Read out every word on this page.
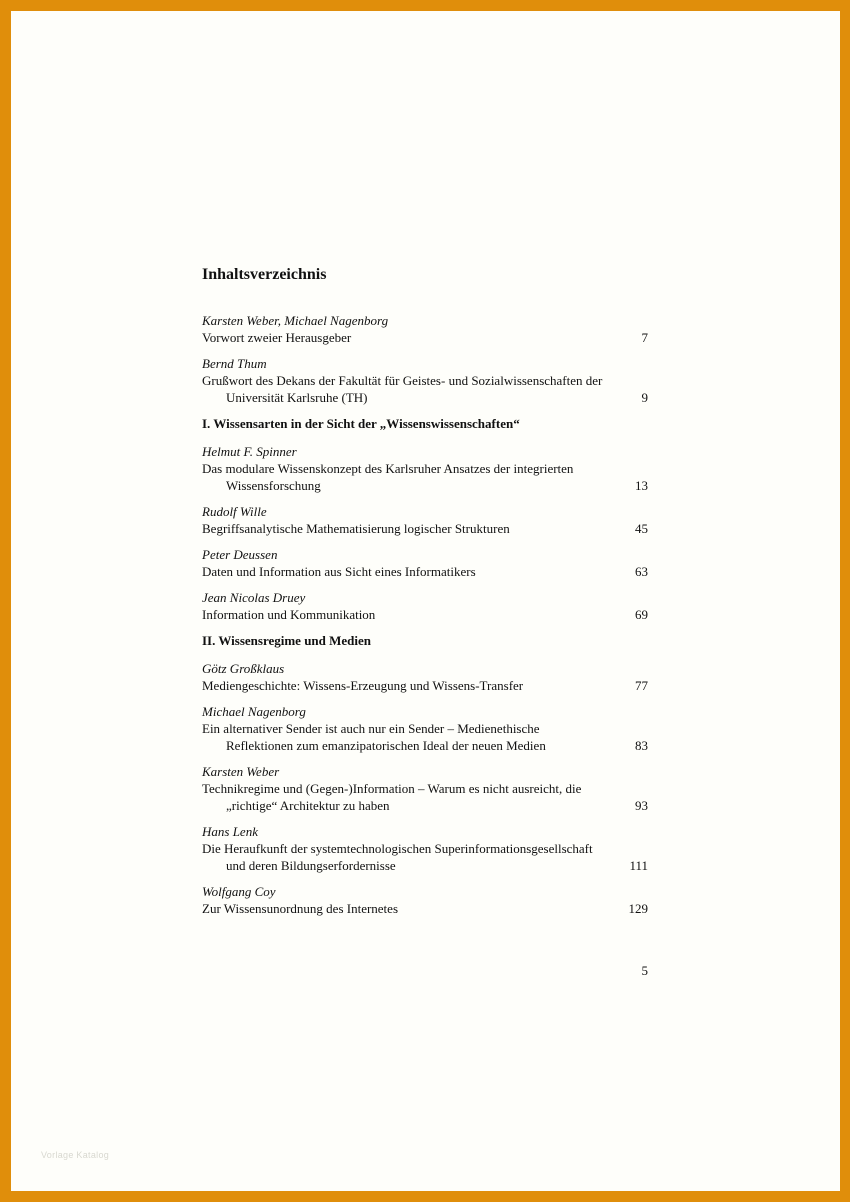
Inhaltsverzeichnis
Karsten Weber, Michael Nagenborg
Vorwort zweier Herausgeber	7
Bernd Thum
Grußwort des Dekans der Fakultät für Geistes- und Sozialwissenschaften der
Universität Karlsruhe (TH)	9
I. Wissensarten in der Sicht der „Wissenswissenschaften“
Helmut F. Spinner
Das modulare Wissenskonzept des Karlsruher Ansatzes der integrierten
Wissensforschung	13
Rudolf Wille
Begriffsanalytische Mathematisierung logischer Strukturen	45
Peter Deussen
Daten und Information aus Sicht eines Informatikers	63
Jean Nicolas Druey
Information und Kommunikation	69
II. Wissensregime und Medien
Götz Großklaus
Mediengeschichte: Wissens-Erzeugung und Wissens-Transfer	77
Michael Nagenborg
Ein alternativer Sender ist auch nur ein Sender – Medienethische
Reflektionen zum emanzipatorischen Ideal der neuen Medien	83
Karsten Weber
Technikregime und (Gegen-)Information – Warum es nicht ausreicht, die
„richtige“ Architektur zu haben	93
Hans Lenk
Die Heraufkunft der systemtechnologischen Superinformationsgesellschaft
und deren Bildungserfordernisse	111
Wolfgang Coy
Zur Wissensunordnung des Internetes	129
5
Vorlage Katalog
